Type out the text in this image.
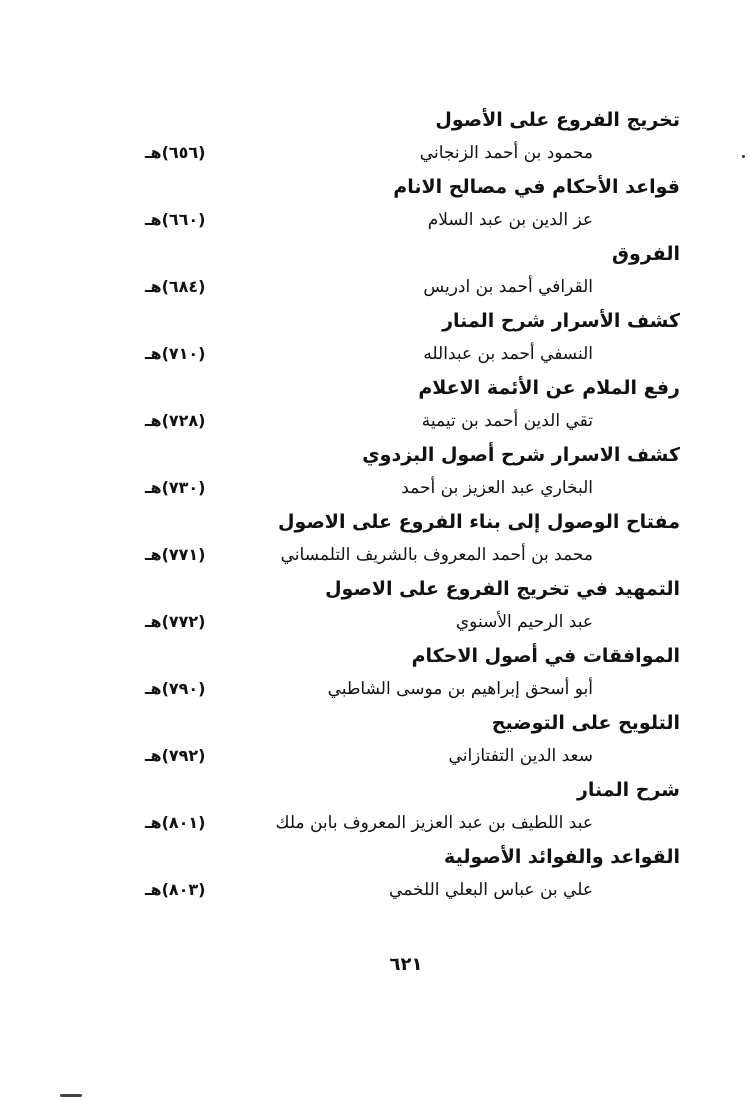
تخريج الفروع على الأصول
محمود بن أحمد الزنجاني
(٦٥٦)هـ
قواعد الأحكام في مصالح الانام
عز الدين بن عبد السلام
(٦٦٠)هـ
الفروق
القرافي أحمد بن ادريس
(٦٨٤)هـ
كشف الأسرار شرح المنار
النسفي أحمد بن عبدالله
(٧١٠)هـ
رفع الملام عن الأئمة الاعلام
تقي الدين أحمد بن تيمية
(٧٢٨)هـ
كشف الاسرار شرح أصول البزدوي
البخاري عبد العزيز بن أحمد
(٧٣٠)هـ
مفتاح الوصول إلى بناء الفروع على الاصول
محمد بن أحمد المعروف بالشريف التلمساني
(٧٧١)هـ
التمهيد في تخريج الفروع على الاصول
عبد الرحيم الأسنوي
(٧٧٢)هـ
الموافقات في أصول الاحكام
أبو أسحق إبراهيم بن موسى الشاطبي
(٧٩٠)هـ
التلويح على التوضيح
سعد الدين التفتازاني
(٧٩٢)هـ
شرح المنار
عبد اللطيف بن عبد العزيز المعروف بابن ملك
(٨٠١)هـ
القواعد والفوائد الأصولية
علي بن عباس البعلي اللخمي
(٨٠٣)هـ
٦٢١
